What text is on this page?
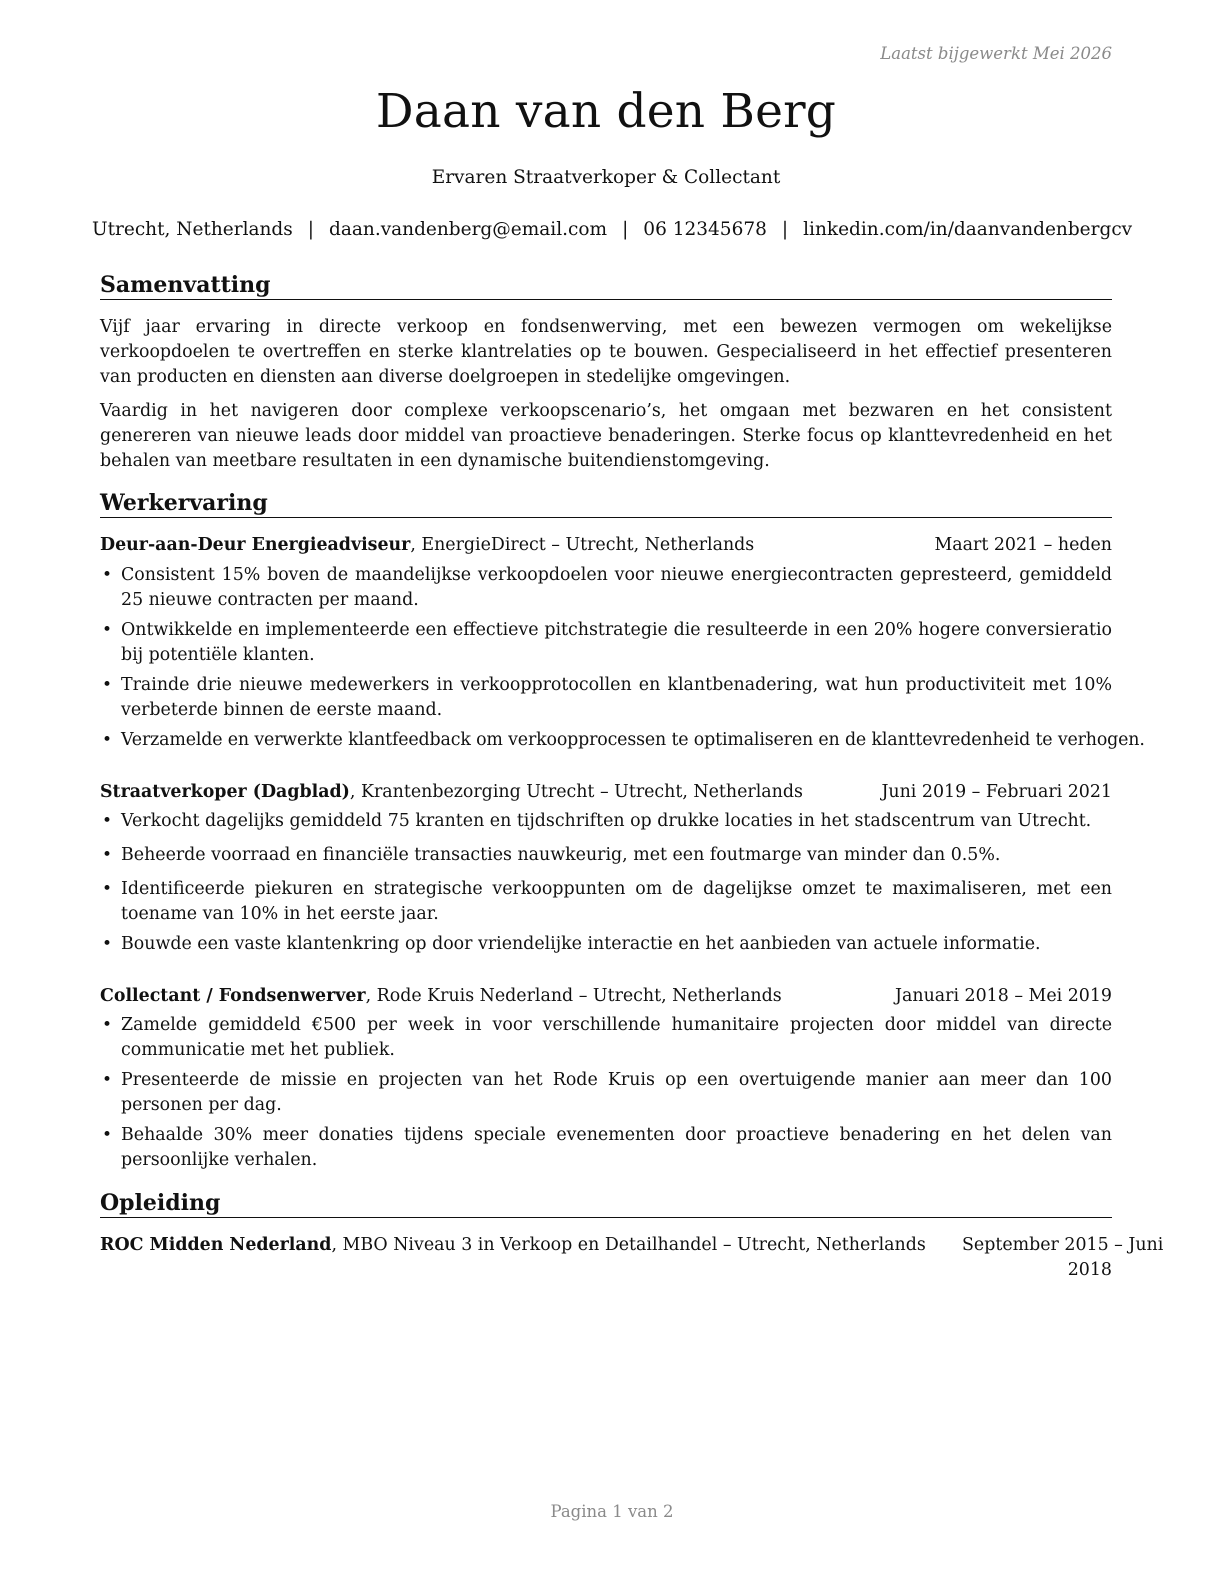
Laatst bijgewerkt Mei 2026
Daan van den Berg
Ervaren Straatverkoper & Collectant
Utrecht, Netherlands | daan.vandenberg@email.com | 06 12345678 | linkedin.com/in/daanvandenbergcv
Samenvatting
Vijf jaar ervaring in directe verkoop en fondsenwerving, met een bewezen vermogen om wekelijkse verkoopdoelen te overtreffen en sterke klantrelaties op te bouwen. Gespecialiseerd in het effectief presenteren van producten en diensten aan diverse doelgroepen in stedelijke omgevingen.
Vaardig in het navigeren door complexe verkoopscenario’s, het omgaan met bezwaren en het consistent genereren van nieuwe leads door middel van proactieve benaderingen. Sterke focus op klanttevredenheid en het behalen van meetbare resultaten in een dynamische buitendienstomgeving.
Werkervaring
Deur-aan-Deur Energieadviseur, EnergieDirect – Utrecht, Netherlands	Maart 2021 – heden
• Consistent 15% boven de maandelijkse verkoopdoelen voor nieuwe energiecontracten gepresteerd, gemiddeld 25 nieuwe contracten per maand.
• Ontwikkelde en implementeerde een effectieve pitchstrategie die resulteerde in een 20% hogere conversieratio bij potentiële klanten.
• Trainde drie nieuwe medewerkers in verkoopprotocollen en klantbenadering, wat hun productiviteit met 10% verbeterde binnen de eerste maand.
• Verzamelde en verwerkte klantfeedback om verkoopprocessen te optimaliseren en de klanttevredenheid te verhogen.
Straatverkoper (Dagblad), Krantenbezorging Utrecht – Utrecht, Netherlands	Juni 2019 – Februari 2021
• Verkocht dagelijks gemiddeld 75 kranten en tijdschriften op drukke locaties in het stadscentrum van Utrecht.
• Beheerde voorraad en financiële transacties nauwkeurig, met een foutmarge van minder dan 0.5%.
• Identificeerde piekuren en strategische verkooppunten om de dagelijkse omzet te maximaliseren, met een toename van 10% in het eerste jaar.
• Bouwde een vaste klantenkring op door vriendelijke interactie en het aanbieden van actuele informatie.
Collectant / Fondsenwerver, Rode Kruis Nederland – Utrecht, Netherlands	Januari 2018 – Mei 2019
• Zamelde gemiddeld €500 per week in voor verschillende humanitaire projecten door middel van directe communicatie met het publiek.
• Presenteerde de missie en projecten van het Rode Kruis op een overtuigende manier aan meer dan 100 personen per dag.
• Behaalde 30% meer donaties tijdens speciale evenementen door proactieve benadering en het delen van persoonlijke verhalen.
Opleiding
ROC Midden Nederland, MBO Niveau 3 in Verkoop en Detailhandel – Utrecht, Netherlands September 2015 – Juni
2018
Pagina 1 van 2
